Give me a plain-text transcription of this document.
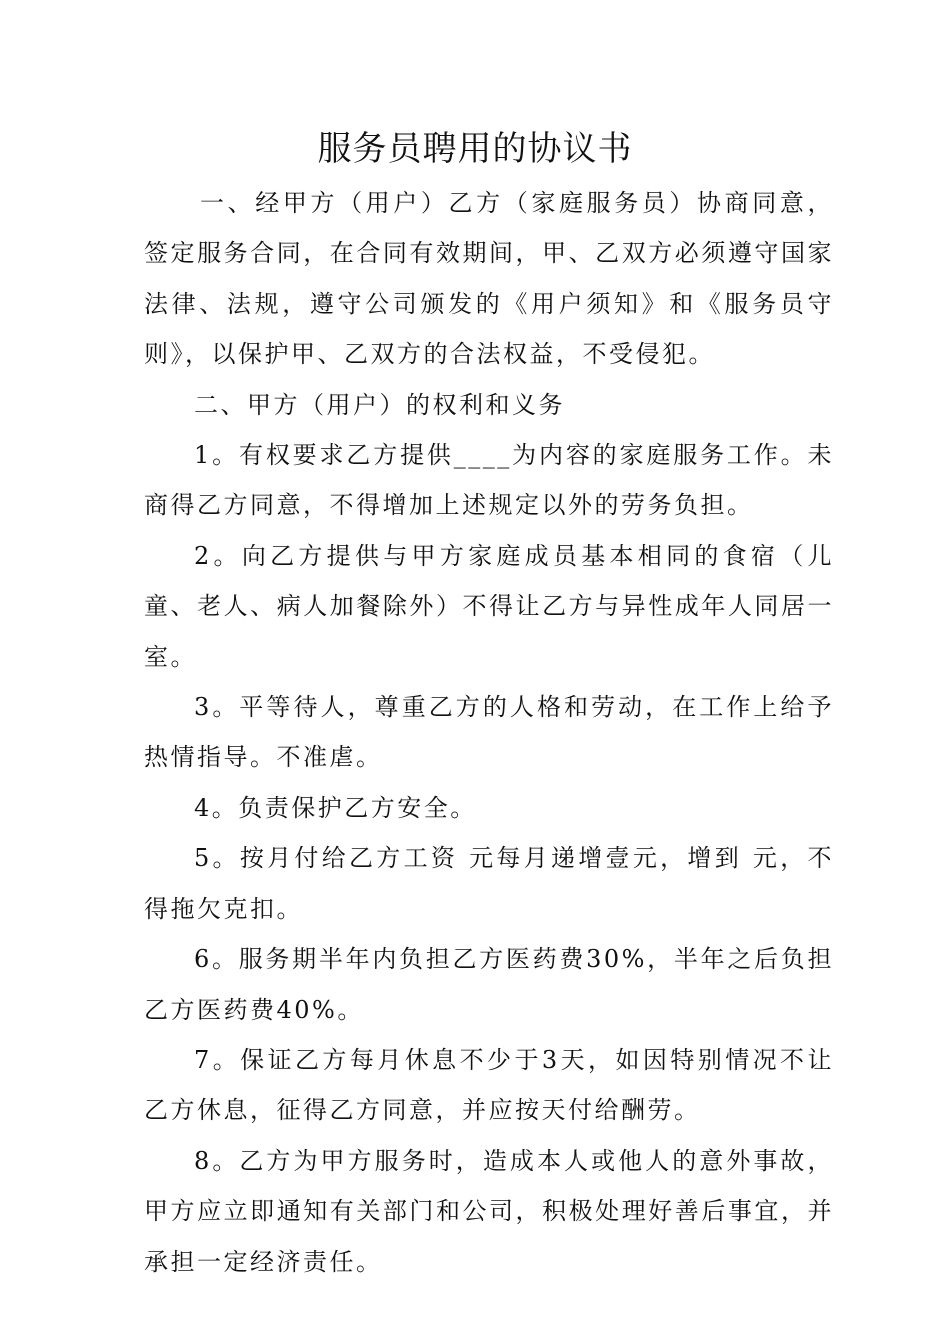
服务员聘用的协议书

一、经甲方（用户）乙方（家庭服务员）协商同意，签定服务合同，在合同有效期间，甲、乙双方必须遵守国家法律、法规，遵守公司颁发的《用户须知》和《服务员守则》，以保护甲、乙双方的合法权益，不受侵犯。

二、甲方（用户）的权利和义务

1。有权要求乙方提供____为内容的家庭服务工作。未商得乙方同意，不得增加上述规定以外的劳务负担。

2。向乙方提供与甲方家庭成员基本相同的食宿（儿童、老人、病人加餐除外）不得让乙方与异性成年人同居一室。

3。平等待人，尊重乙方的人格和劳动，在工作上给予热情指导。不准虐。

4。负责保护乙方安全。

5。按月付给乙方工资 元每月递增壹元，增到 元，不得拖欠克扣。

6。服务期半年内负担乙方医药费30%，半年之后负担乙方医药费40%。

7。保证乙方每月休息不少于3天，如因特别情况不让乙方休息，征得乙方同意，并应按天付给酬劳。

8。乙方为甲方服务时，造成本人或他人的意外事故，甲方应立即通知有关部门和公司，积极处理好善后事宜，并承担一定经济责任。
